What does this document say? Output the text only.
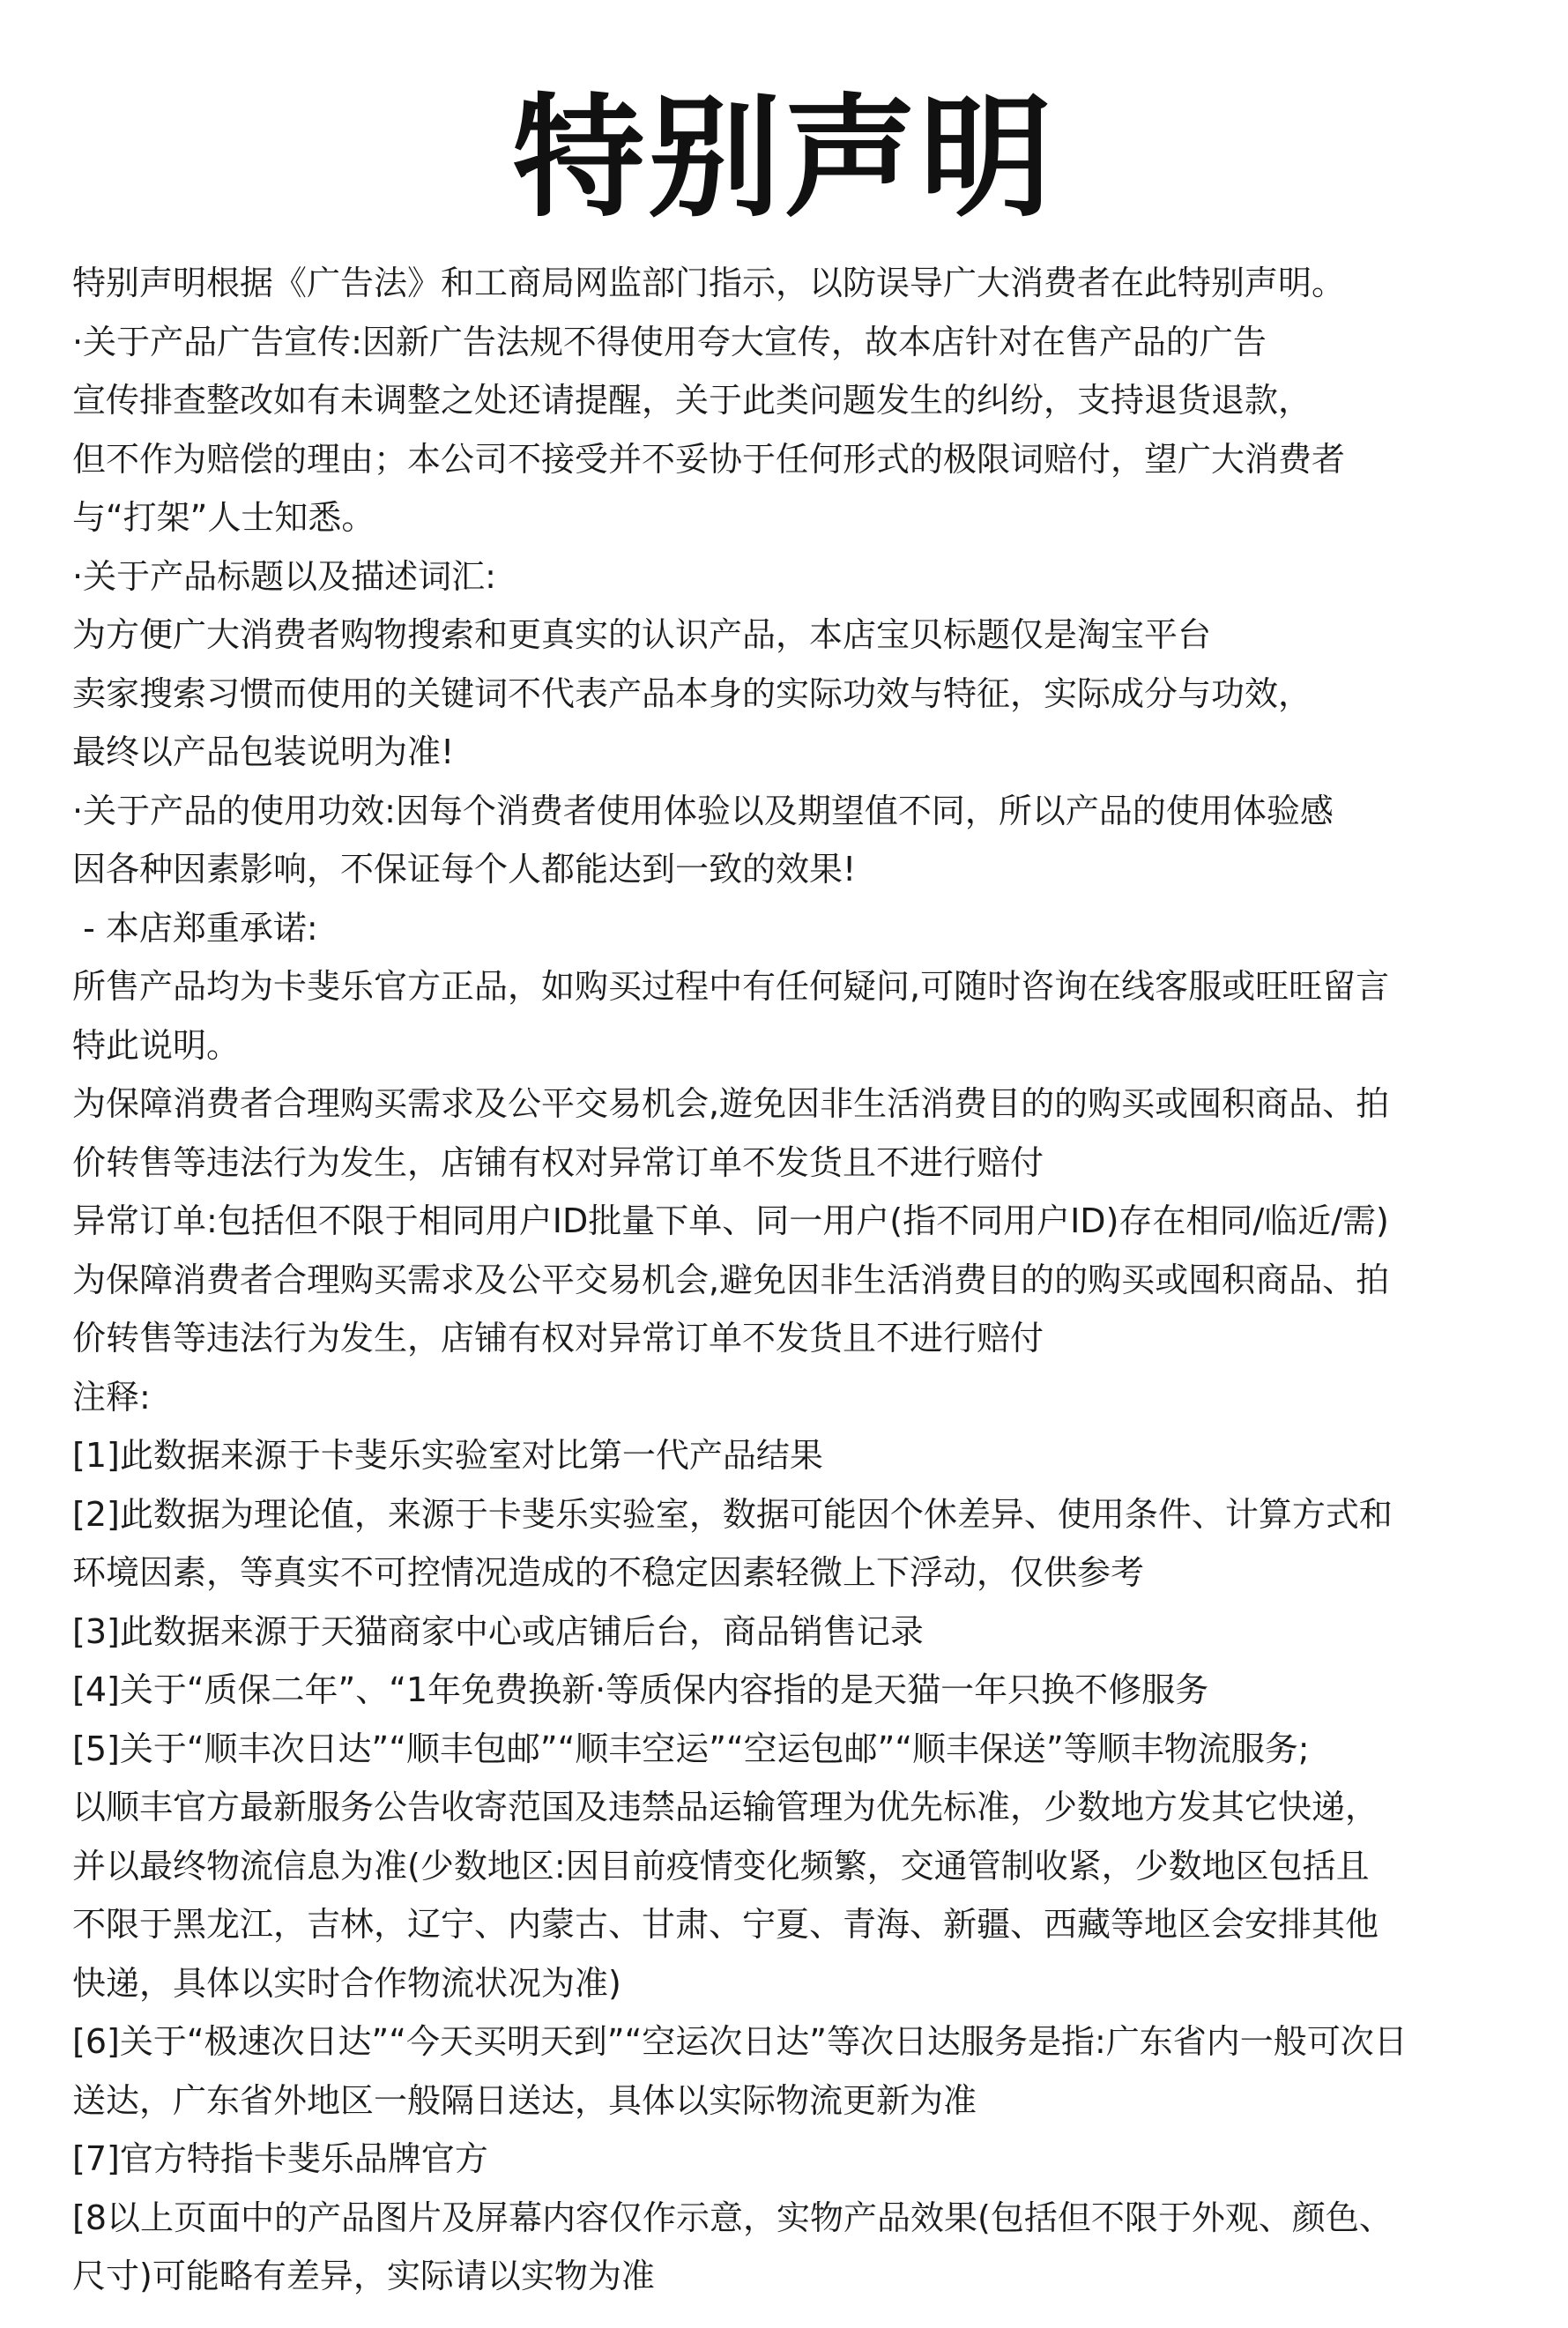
特别声明
特别声明根据《广告法》和工商局网监部门指示，以防误导广大消费者在此特别声明。
·关于产品广告宣传:因新广告法规不得使用夸大宣传，故本店针对在售产品的广告
宣传排查整改如有未调整之处还请提醒，关于此类问题发生的纠纷，支持退货退款，
但不作为赔偿的理由；本公司不接受并不妥协于任何形式的极限词赔付，望广大消费者
与“打架”人士知悉。
·关于产品标题以及描述词汇:
为方便广大消费者购物搜索和更真实的认识产品，本店宝贝标题仅是淘宝平台
卖家搜索习惯而使用的关键词不代表产品本身的实际功效与特征，实际成分与功效，
最终以产品包装说明为准!
·关于产品的使用功效:因每个消费者使用体验以及期望值不同，所以产品的使用体验感
因各种因素影响，不保证每个人都能达到一致的效果!
- 本店郑重承诺:
所售产品均为卡斐乐官方正品，如购买过程中有任何疑问,可随时咨询在线客服或旺旺留言
特此说明。
为保障消费者合理购买需求及公平交易机会,遊免因非生活消费目的的购买或囤积商品、拍
价转售等违法行为发生，店铺有权对异常订单不发货且不进行赔付
异常订单:包括但不限于相同用户ID批量下单、同一用户(指不同用户ID)存在相同/临近/需)
为保障消费者合理购买需求及公平交易机会,避免因非生活消费目的的购买或囤积商品、拍
价转售等违法行为发生，店铺有权对异常订单不发货且不进行赔付
注释:
[1]此数据来源于卡斐乐实验室对比第一代产品结果
[2]此数据为理论值，来源于卡斐乐实验室，数据可能因个休差异、使用条件、计算方式和
环境因素，等真实不可控情况造成的不稳定因素轻微上下浮动，仅供参考
[3]此数据来源于天猫商家中心或店铺后台，商品销售记录
[4]关于“质保二年”、“1年免费换新·等质保内容指的是天猫一年只换不修服务
[5]关于“顺丰次日达”“顺丰包邮”“顺丰空运”“空运包邮”“顺丰保送”等顺丰物流服务;
以顺丰官方最新服务公告收寄范国及违禁品运输管理为优先标准，少数地方发其它快递，
并以最终物流信息为准(少数地区:因目前疫情变化频繁，交通管制收紧，少数地区包括且
不限于黑龙江，吉林，辽宁、内蒙古、甘肃、宁夏、青海、新疆、西藏等地区会安排其他
快递，具体以实时合作物流状况为准)
[6]关于“极速次日达”“今天买明天到”“空运次日达”等次日达服务是指:广东省内一般可次日
送达，广东省外地区一般隔日送达，具体以实际物流更新为准
[7]官方特指卡斐乐品牌官方
[8以上页面中的产品图片及屏幕内容仅作示意，实物产品效果(包括但不限于外观、颜色、
尺寸)可能略有差异，实际请以实物为准
